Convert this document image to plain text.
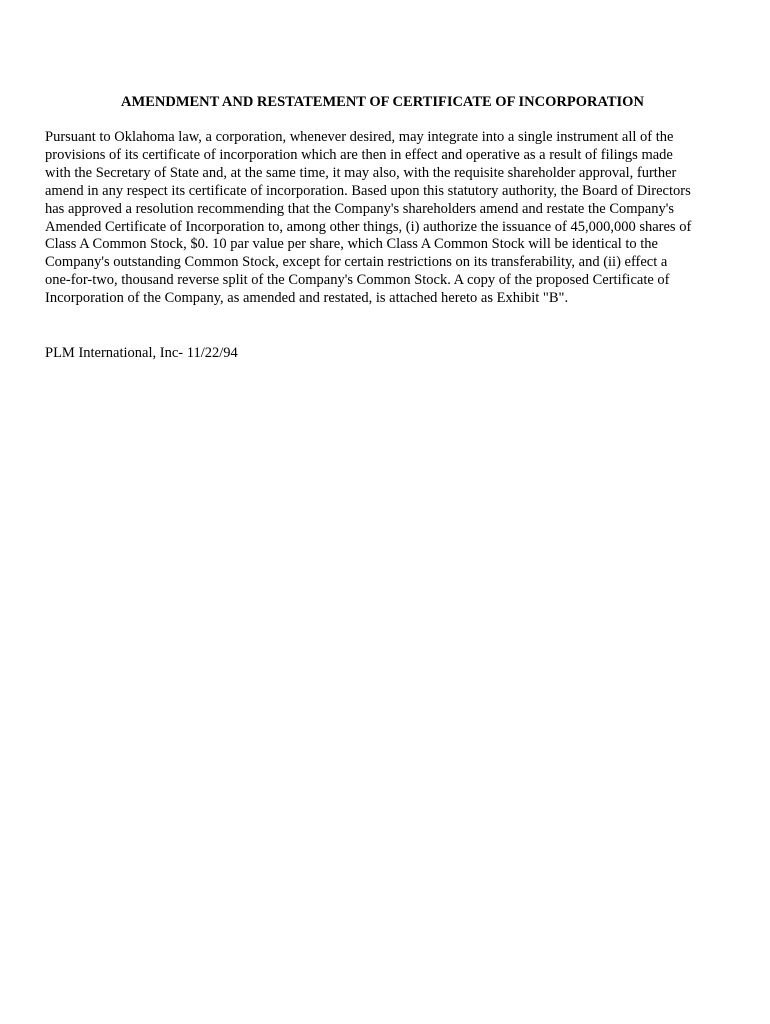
AMENDMENT AND RESTATEMENT OF CERTIFICATE OF INCORPORATION
Pursuant to Oklahoma law, a corporation, whenever desired, may integrate into a single instrument all of the
provisions of its certificate of incorporation which are then in effect and operative as a result of filings made
with the Secretary of State and, at the same time, it may also, with the requisite shareholder approval, further
amend in any respect its certificate of incorporation. Based upon this statutory authority, the Board of Directors
has approved a resolution recommending that the Company's shareholders amend and restate the Company's
Amended Certificate of Incorporation to, among other things, (i) authorize the issuance of 45,000,000 shares of
Class A Common Stock, $0. 10 par value per share, which Class A Common Stock will be identical to the
Company's outstanding Common Stock, except for certain restrictions on its transferability, and (ii) effect a
one-for-two, thousand reverse split of the Company's Common Stock. A copy of the proposed Certificate of
Incorporation of the Company, as amended and restated, is attached hereto as Exhibit "B".

PLM International, Inc- 11/22/94
